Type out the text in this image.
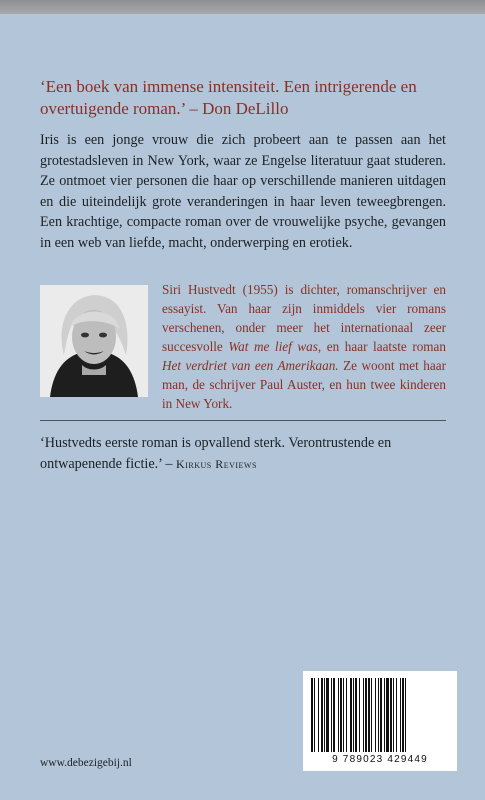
‘Een boek van immense intensiteit. Een intrigerende en overtuigende roman.’ – Don DeLillo
Iris is een jonge vrouw die zich probeert aan te passen aan het grotestadsleven in New York, waar ze Engelse literatuur gaat studeren. Ze ontmoet vier personen die haar op verschillende manieren uitdagen en die uiteindelijk grote veranderingen in haar leven teweegbrengen. Een krachtige, compacte roman over de vrouwelijke psyche, gevangen in een web van liefde, macht, onderwerping en erotiek.
Siri Hustvedt (1955) is dichter, romanschrijver en essayist. Van haar zijn inmiddels vier romans verschenen, onder meer het internationaal zeer succesvolle Wat me lief was, en haar laatste roman Het verdriet van een Amerikaan. Ze woont met haar man, de schrijver Paul Auster, en hun twee kinderen in New York.
‘Hustvedts eerste roman is opvallend sterk. Verontrustende en ontwapenende fictie.’ – Kirkus Reviews
9 789023 429449
www.debezigebij.nl
